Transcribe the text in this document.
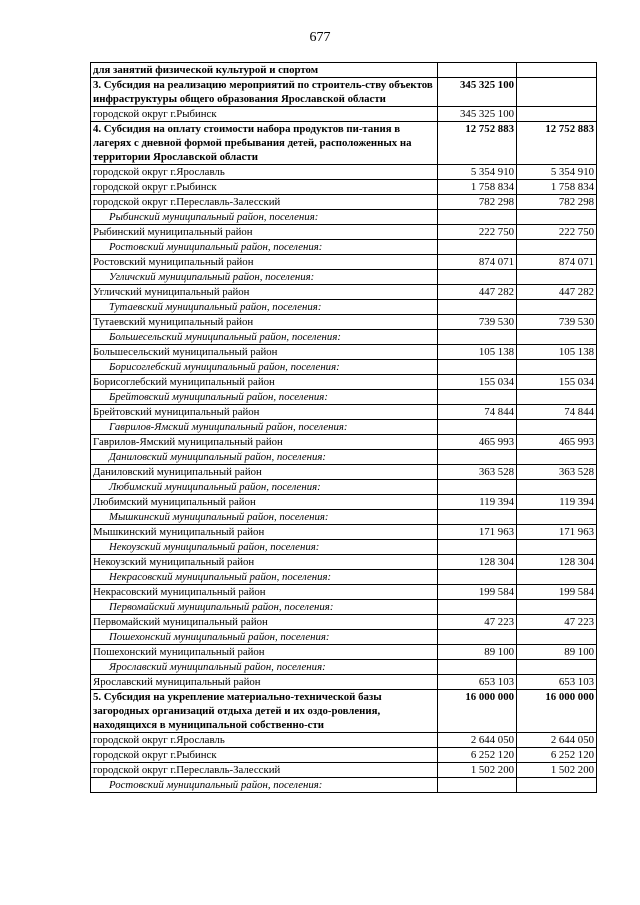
677
для занятий физической культурой и спортом		
3. Субсидия на реализацию мероприятий по строитель-ству объектов инфраструктуры общего образования Ярославской области	345 325 100	
городской округ г.Рыбинск	345 325 100	
4. Субсидия на оплату стоимости набора продуктов пи-тания в лагерях с дневной формой пребывания детей, расположенных на территории Ярославской области	12 752 883	12 752 883
городской округ г.Ярославль	5 354 910	5 354 910
городской округ г.Рыбинск	1 758 834	1 758 834
городской округ г.Переславль-Залесский	782 298	782 298
Рыбинский муниципальный район, поселения:		
Рыбинский муниципальный район	222 750	222 750
Ростовский муниципальный район, поселения:		
Ростовский муниципальный район	874 071	874 071
Угличский муниципальный район, поселения:		
Угличский муниципальный район	447 282	447 282
Тутаевский муниципальный район, поселения:		
Тутаевский муниципальный район	739 530	739 530
Большесельский муниципальный район, поселения:		
Большесельский муниципальный район	105 138	105 138
Борисоглебский муниципальный район, поселения:		
Борисоглебский муниципальный район	155 034	155 034
Брейтовский муниципальный район, поселения:		
Брейтовский муниципальный район	74 844	74 844
Гаврилов-Ямский муниципальный район, поселения:		
Гаврилов-Ямский муниципальный район	465 993	465 993
Даниловский муниципальный район, поселения:		
Даниловский муниципальный район	363 528	363 528
Любимский муниципальный район, поселения:		
Любимский муниципальный район	119 394	119 394
Мышкинский муниципальный район, поселения:		
Мышкинский муниципальный район	171 963	171 963
Некоузский муниципальный район, поселения:		
Некоузский муниципальный район	128 304	128 304
Некрасовский муниципальный район, поселения:		
Некрасовский муниципальный район	199 584	199 584
Первомайский муниципальный район, поселения:		
Первомайский муниципальный район	47 223	47 223
Пошехонский муниципальный район, поселения:		
Пошехонский муниципальный район	89 100	89 100
Ярославский муниципальный район, поселения:		
Ярославский муниципальный район	653 103	653 103
5. Субсидия на укрепление материально-технической базы загородных организаций отдыха детей и их оздо-ровления, находящихся в муниципальной собственно-сти	16 000 000	16 000 000
городской округ г.Ярославль	2 644 050	2 644 050
городской округ г.Рыбинск	6 252 120	6 252 120
городской округ г.Переславль-Залесский	1 502 200	1 502 200
Ростовский муниципальный район, поселения:		
